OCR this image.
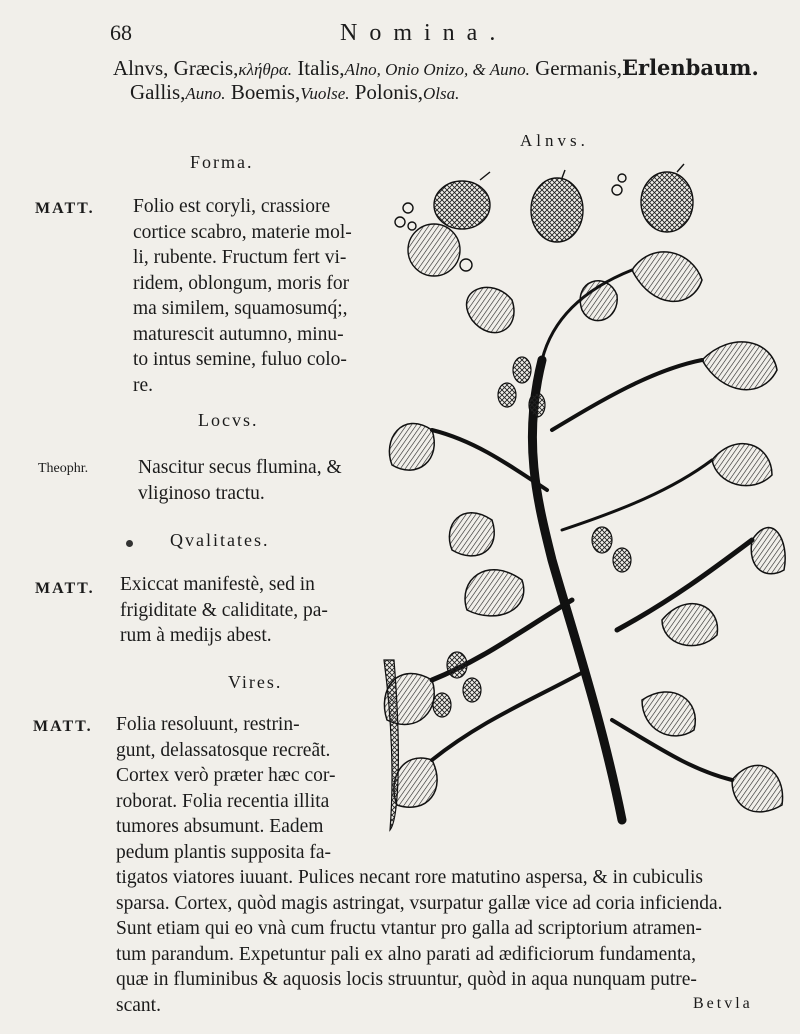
68	Nomina.
Alnvs, Græcis,κλήθρα. Italis,Alno, Onio Onizo, & Auno. Germanis,Erlenbaum.
Gallis,Auno. Boemis,Vuolse. Polonis,Olsa.
Alnvs.
Forma.
MATT. Folio est coryli, crassiore
cortice scabro, materie mol-
li, rubente. Fructum fert vi-
ridem, oblongum, moris for
ma similem, squamosumq́;,
maturescit autumno, minu-
to intus semine, fuluo colo-
re.
Locvs.
Theophr.	Nascitur secus flumina, &
vliginoso tractu.
Qvalitates.
MATT. Exiccat manifestè, sed in
frigiditate & caliditate, pa-
rum à medijs abest.
Vires.
MATT. Folia resoluunt, restrin-
gunt, delassatosque recreãt.
Cortex verò præter hæc cor-
roborat. Folia recentia illita
tumores absumunt. Eadem
pedum plantis supposita fa-
tigatos viatores iuuant. Pulices necant rore matutino aspersa, & in cubiculis
sparsa. Cortex, quòd magis astringat, vsurpatur gallæ vice ad coria inficienda.
Sunt etiam qui eo vnà cum fructu vtantur pro galla ad scriptorium atramen-
tum parandum. Expetuntur pali ex alno parati ad ædificiorum fundamenta,
quæ in fluminibus & aquosis locis struuntur, quòd in aqua nunquam putre-
scant.	Betvla
